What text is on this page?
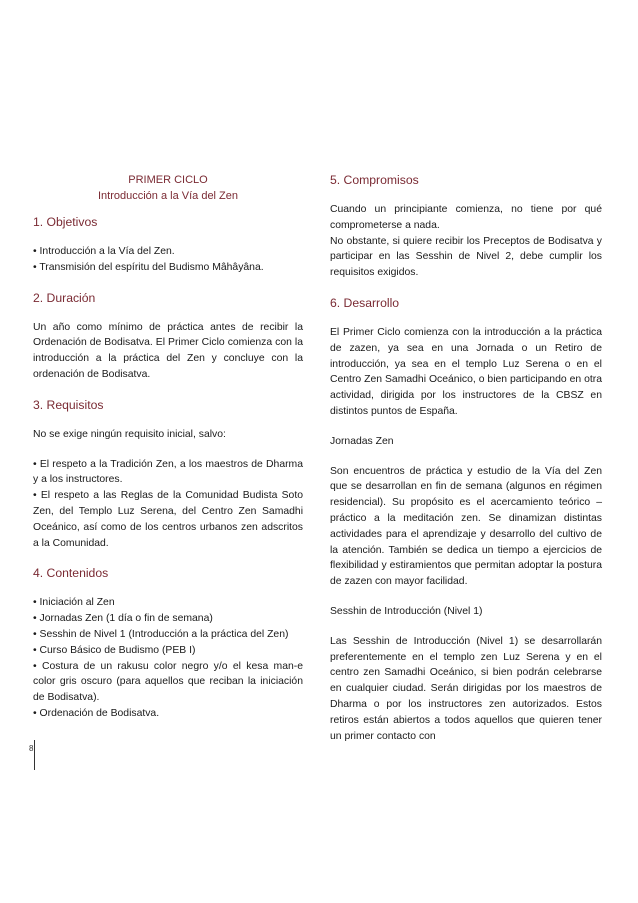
PRIMER CICLO
Introducción a la Vía del Zen
1. Objetivos
• Introducción a la Vía del Zen.
• Transmisión del espíritu del Budismo Mâhâyâna.
2. Duración

Un año como mínimo de práctica antes de recibir la Ordenación de Bodisatva. El Primer Ciclo comienza con la introducción a la práctica del Zen y concluye con la ordenación de Bodisatva.

3. Requisitos

No se exige ningún requisito inicial, salvo:

• El respeto a la Tradición Zen, a los maestros de Dharma y a los instructores.

• El respeto a las Reglas de la Comunidad Budista Soto Zen, del Templo Luz Serena, del Centro Zen Samadhi Oceánico, así como de los centros urbanos zen adscritos a la Comunidad.

4. Contenidos
• Iniciación al Zen
• Jornadas Zen (1 día o fin de semana)
• Sesshin de Nivel 1 (Introducción a la práctica del Zen)
• Curso Básico de Budismo (PEB I)

• Costura de un rakusu color negro y/o el kesa man-e color gris oscuro (para aquellos que reciban la iniciación de Bodisatva).

• Ordenación de Bodisatva.
5. Compromisos

Cuando un principiante comienza, no tiene por qué comprometerse a nada.

No obstante, si quiere recibir los Preceptos de Bodisatva y participar en las Sesshin de Nivel 2, debe cumplir los requisitos exigidos.

6. Desarrollo

El Primer Ciclo comienza con la introducción a la práctica de zazen, ya sea en una Jornada o un Retiro de introducción, ya sea en el templo Luz Serena o en el Centro Zen Samadhi Oceánico, o bien participando en otra actividad, dirigida por los instructores de la CBSZ en distintos puntos de España.

Jornadas Zen

Son encuentros de práctica y estudio de la Vía del Zen que se desarrollan en fin de semana (algunos en régimen residencial). Su propósito es el acercamiento teórico –práctico a la meditación zen. Se dinamizan distintas actividades para el aprendizaje y desarrollo del cultivo de la atención. También se dedica un tiempo a ejercicios de flexibilidad y estiramientos que permitan adoptar la postura de zazen con mayor facilidad.

Sesshin de Introducción (Nivel 1)

Las Sesshin de Introducción (Nivel 1) se desarrollarán preferentemente en el templo zen Luz Serena y en el centro zen Samadhi Oceánico, si bien podrán celebrarse en cualquier ciudad. Serán dirigidas por los maestros de Dharma o por los instructores zen autorizados. Estos retiros están abiertos a todos aquellos que quieren tener un primer contacto con

8
